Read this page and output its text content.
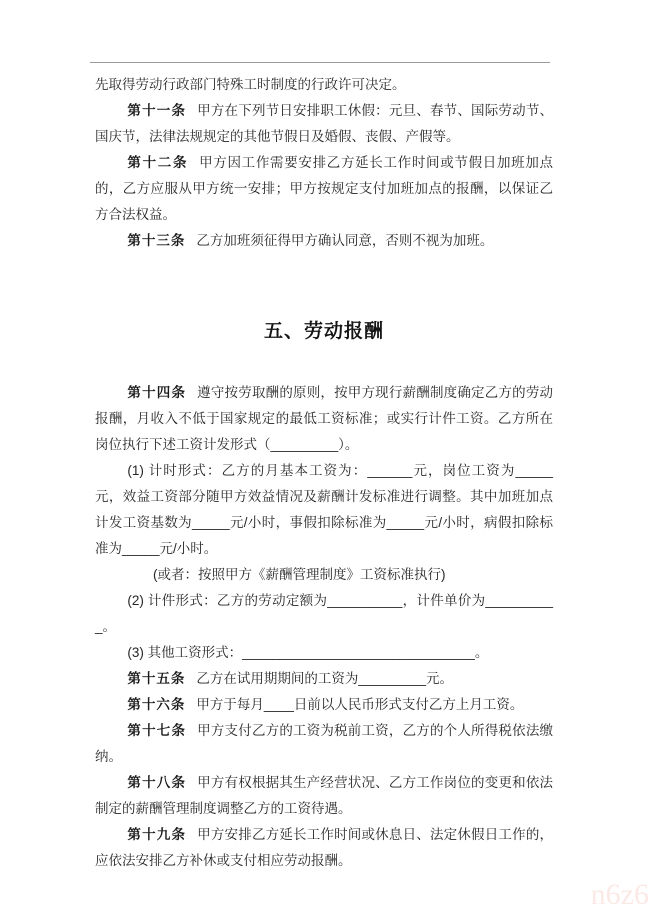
先取得劳动行政部门特殊工时制度的行政许可决定。

第十一条 甲方在下列节日安排职工休假：元旦、春节、国际劳动节、国庆节，法律法规规定的其他节假日及婚假、丧假、产假等。

第十二条 甲方因工作需要安排乙方延长工作时间或节假日加班加点的，乙方应服从甲方统一安排；甲方按规定支付加班加点的报酬，以保证乙方合法权益。

第十三条 乙方加班须征得甲方确认同意，否则不视为加班。

五、劳动报酬

第十四条 遵守按劳取酬的原则，按甲方现行薪酬制度确定乙方的劳动报酬，月收入不低于国家规定的最低工资标准；或实行计件工资。乙方所在岗位执行下述工资计发形式（_________）。

(1) 计时形式：乙方的月基本工资为：______元，岗位工资为_____元，效益工资部分随甲方效益情况及薪酬计发标准进行调整。其中加班加点计发工资基数为_____元/小时，事假扣除标准为_____元/小时，病假扣除标准为_____元/小时。

(或者：按照甲方《薪酬管理制度》工资标准执行)

(2) 计件形式：乙方的劳动定额为__________，计件单价为__________。

(3) 其他工资形式：_______________________________。

第十五条 乙方在试用期期间的工资为_________元。

第十六条 甲方于每月____日前以人民币形式支付乙方上月工资。

第十七条 甲方支付乙方的工资为税前工资，乙方的个人所得税依法缴纳。

第十八条 甲方有权根据其生产经营状况、乙方工作岗位的变更和依法制定的薪酬管理制度调整乙方的工资待遇。

第十九条 甲方安排乙方延长工作时间或休息日、法定休假日工作的，应依法安排乙方补休或支付相应劳动报酬。

n6z6
